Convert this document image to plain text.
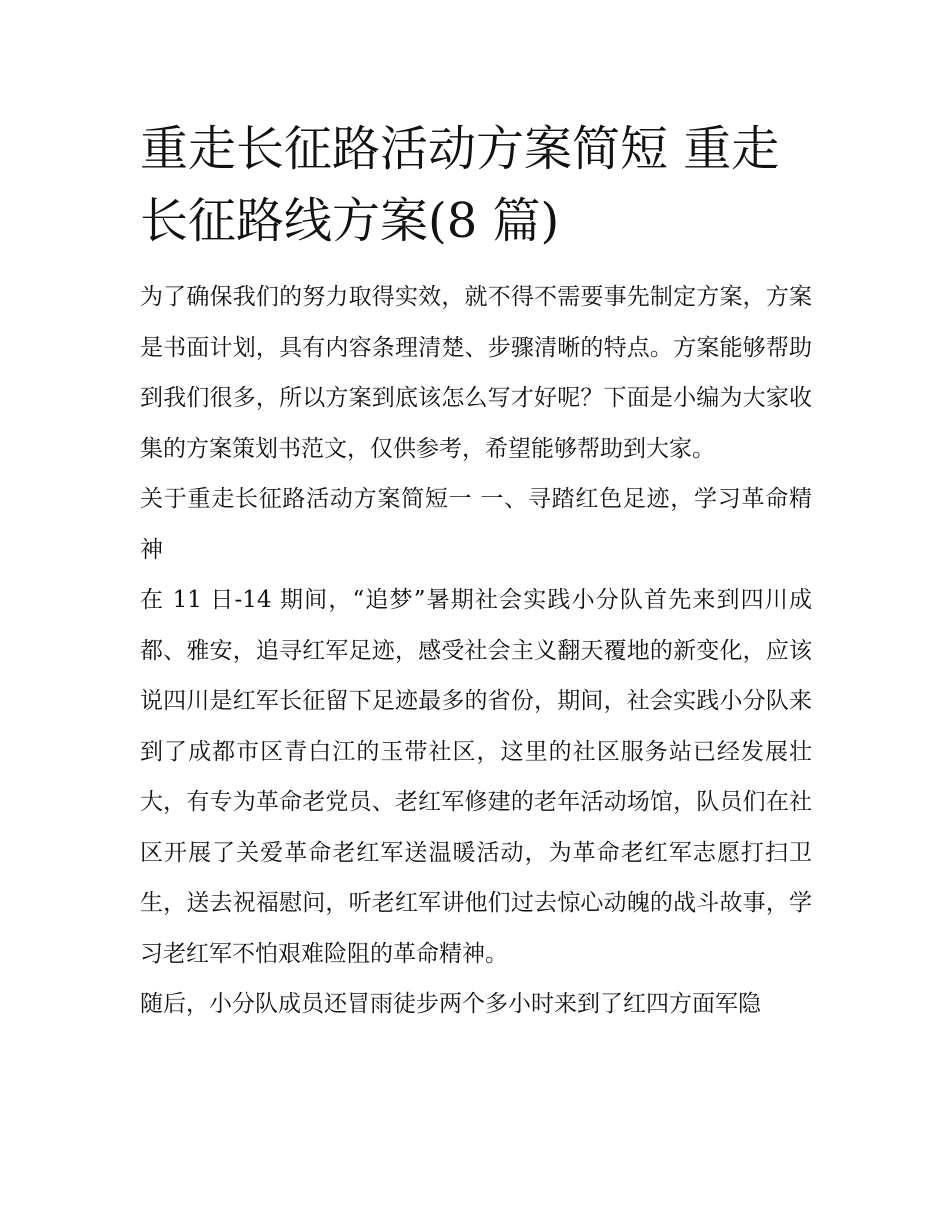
重走长征路活动方案简短 重走长征路线方案(8 篇)

为了确保我们的努力取得实效，就不得不需要事先制定方案，方案是书面计划，具有内容条理清楚、步骤清晰的特点。方案能够帮助到我们很多，所以方案到底该怎么写才好呢？下面是小编为大家收集的方案策划书范文，仅供参考，希望能够帮助到大家。

关于重走长征路活动方案简短一 一、寻踏红色足迹，学习革命精神

在 11 日-14 期间，“追梦”暑期社会实践小分队首先来到四川成都、雅安，追寻红军足迹，感受社会主义翻天覆地的新变化，应该说四川是红军长征留下足迹最多的省份，期间，社会实践小分队来到了成都市区青白江的玉带社区，这里的社区服务站已经发展壮大，有专为革命老党员、老红军修建的老年活动场馆，队员们在社区开展了关爱革命老红军送温暖活动，为革命老红军志愿打扫卫生，送去祝福慰问，听老红军讲他们过去惊心动魄的战斗故事，学习老红军不怕艰难险阻的革命精神。

随后，小分队成员还冒雨徒步两个多小时来到了红四方面军隐
